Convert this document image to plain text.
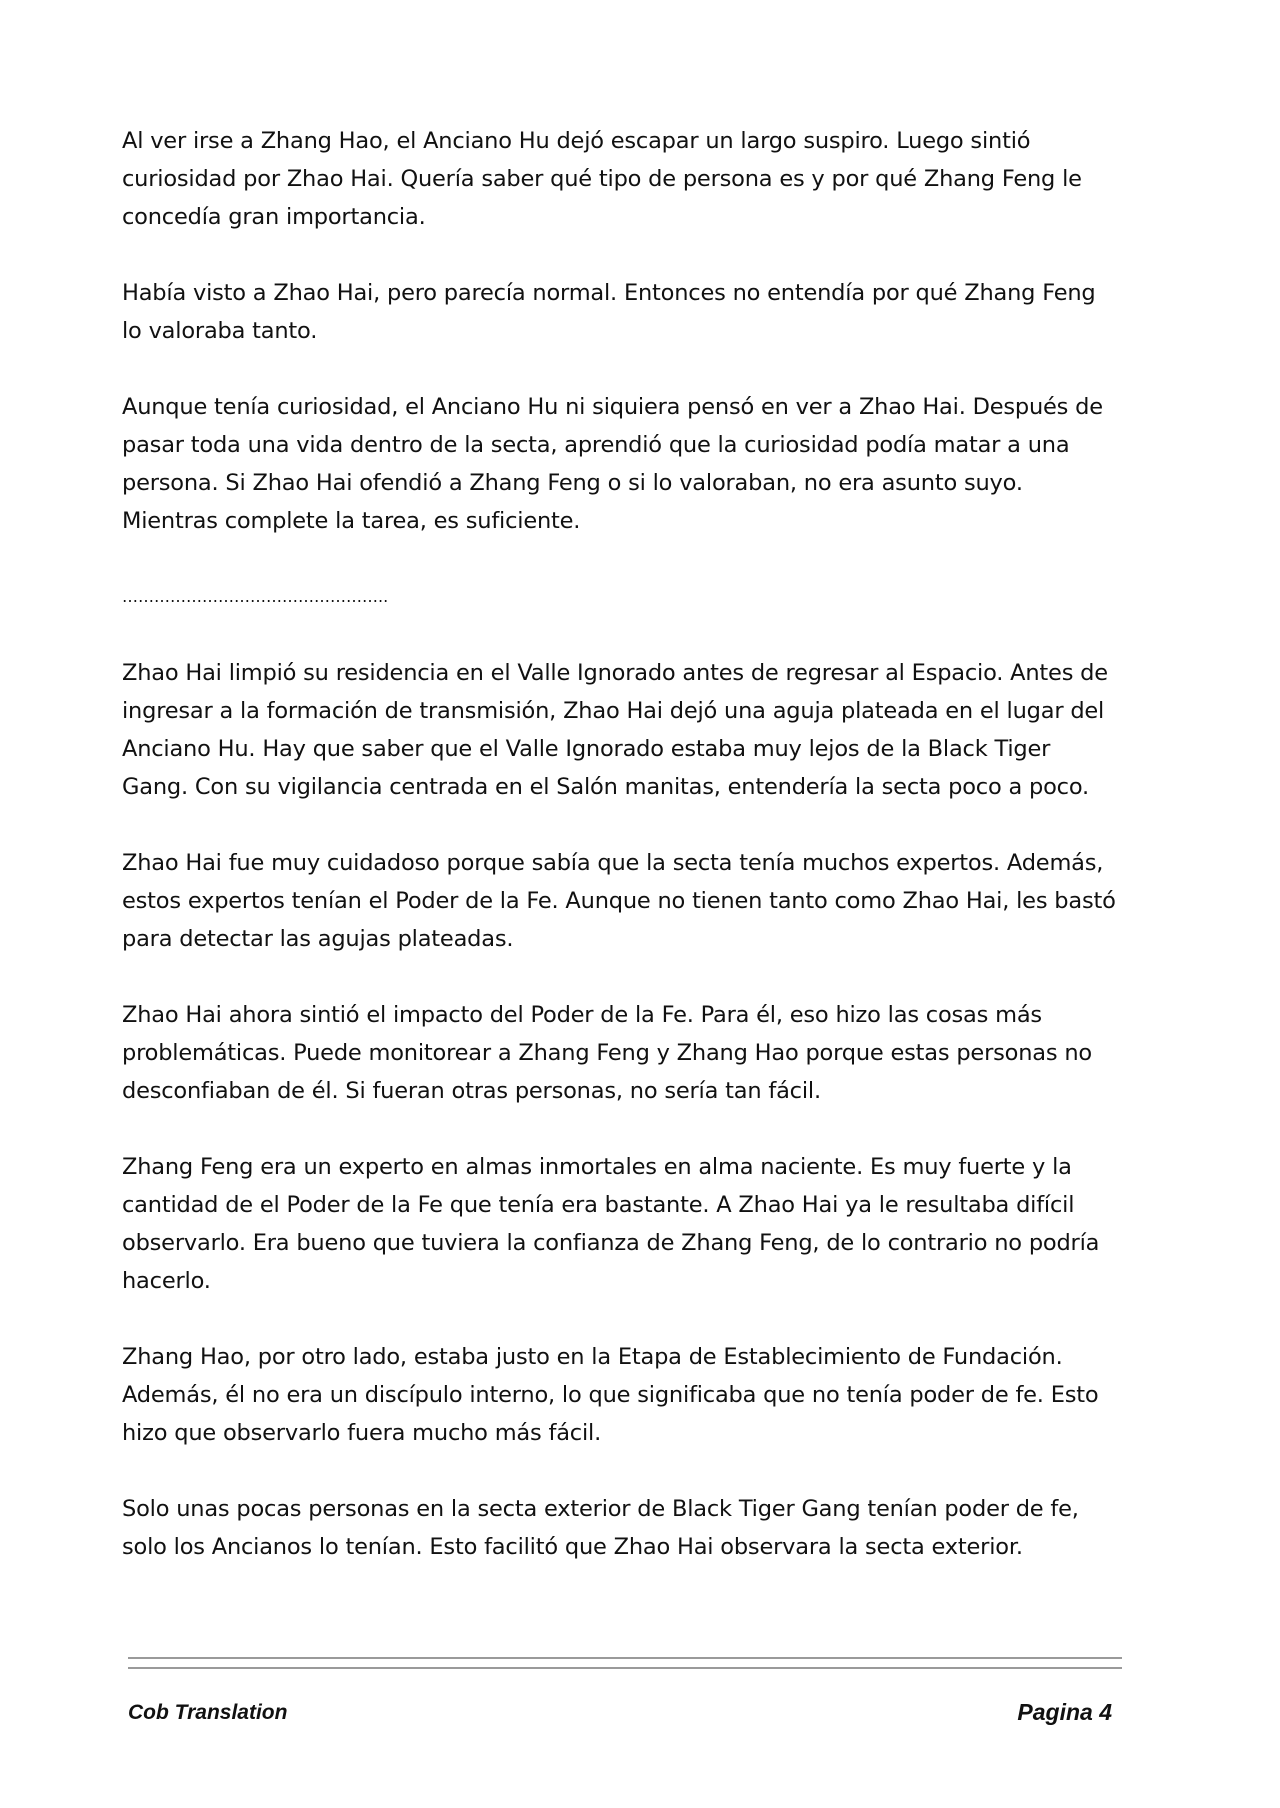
Al ver irse a Zhang Hao, el Anciano Hu dejó escapar un largo suspiro. Luego sintió curiosidad por Zhao Hai. Quería saber qué tipo de persona es y por qué Zhang Feng le concedía gran importancia.

Había visto a Zhao Hai, pero parecía normal. Entonces no entendía por qué Zhang Feng lo valoraba tanto.

Aunque tenía curiosidad, el Anciano Hu ni siquiera pensó en ver a Zhao Hai. Después de pasar toda una vida dentro de la secta, aprendió que la curiosidad podía matar a una persona. Si Zhao Hai ofendió a Zhang Feng o si lo valoraban, no era asunto suyo. Mientras complete la tarea, es suficiente.

…………………………………………..

Zhao Hai limpió su residencia en el Valle Ignorado antes de regresar al Espacio. Antes de ingresar a la formación de transmisión, Zhao Hai dejó una aguja plateada en el lugar del Anciano Hu. Hay que saber que el Valle Ignorado estaba muy lejos de la Black Tiger Gang. Con su vigilancia centrada en el Salón manitas, entendería la secta poco a poco.

Zhao Hai fue muy cuidadoso porque sabía que la secta tenía muchos expertos. Además, estos expertos tenían el Poder de la Fe. Aunque no tienen tanto como Zhao Hai, les bastó para detectar las agujas plateadas.

Zhao Hai ahora sintió el impacto del Poder de la Fe. Para él, eso hizo las cosas más problemáticas. Puede monitorear a Zhang Feng y Zhang Hao porque estas personas no desconfiaban de él. Si fueran otras personas, no sería tan fácil.

Zhang Feng era un experto en almas inmortales en alma naciente. Es muy fuerte y la cantidad de el Poder de la Fe que tenía era bastante. A Zhao Hai ya le resultaba difícil observarlo. Era bueno que tuviera la confianza de Zhang Feng, de lo contrario no podría hacerlo.

Zhang Hao, por otro lado, estaba justo en la Etapa de Establecimiento de Fundación. Además, él no era un discípulo interno, lo que significaba que no tenía poder de fe. Esto hizo que observarlo fuera mucho más fácil.

Solo unas pocas personas en la secta exterior de Black Tiger Gang tenían poder de fe, solo los Ancianos lo tenían. Esto facilitó que Zhao Hai observara la secta exterior.

Cob Translation	Pagina 4
